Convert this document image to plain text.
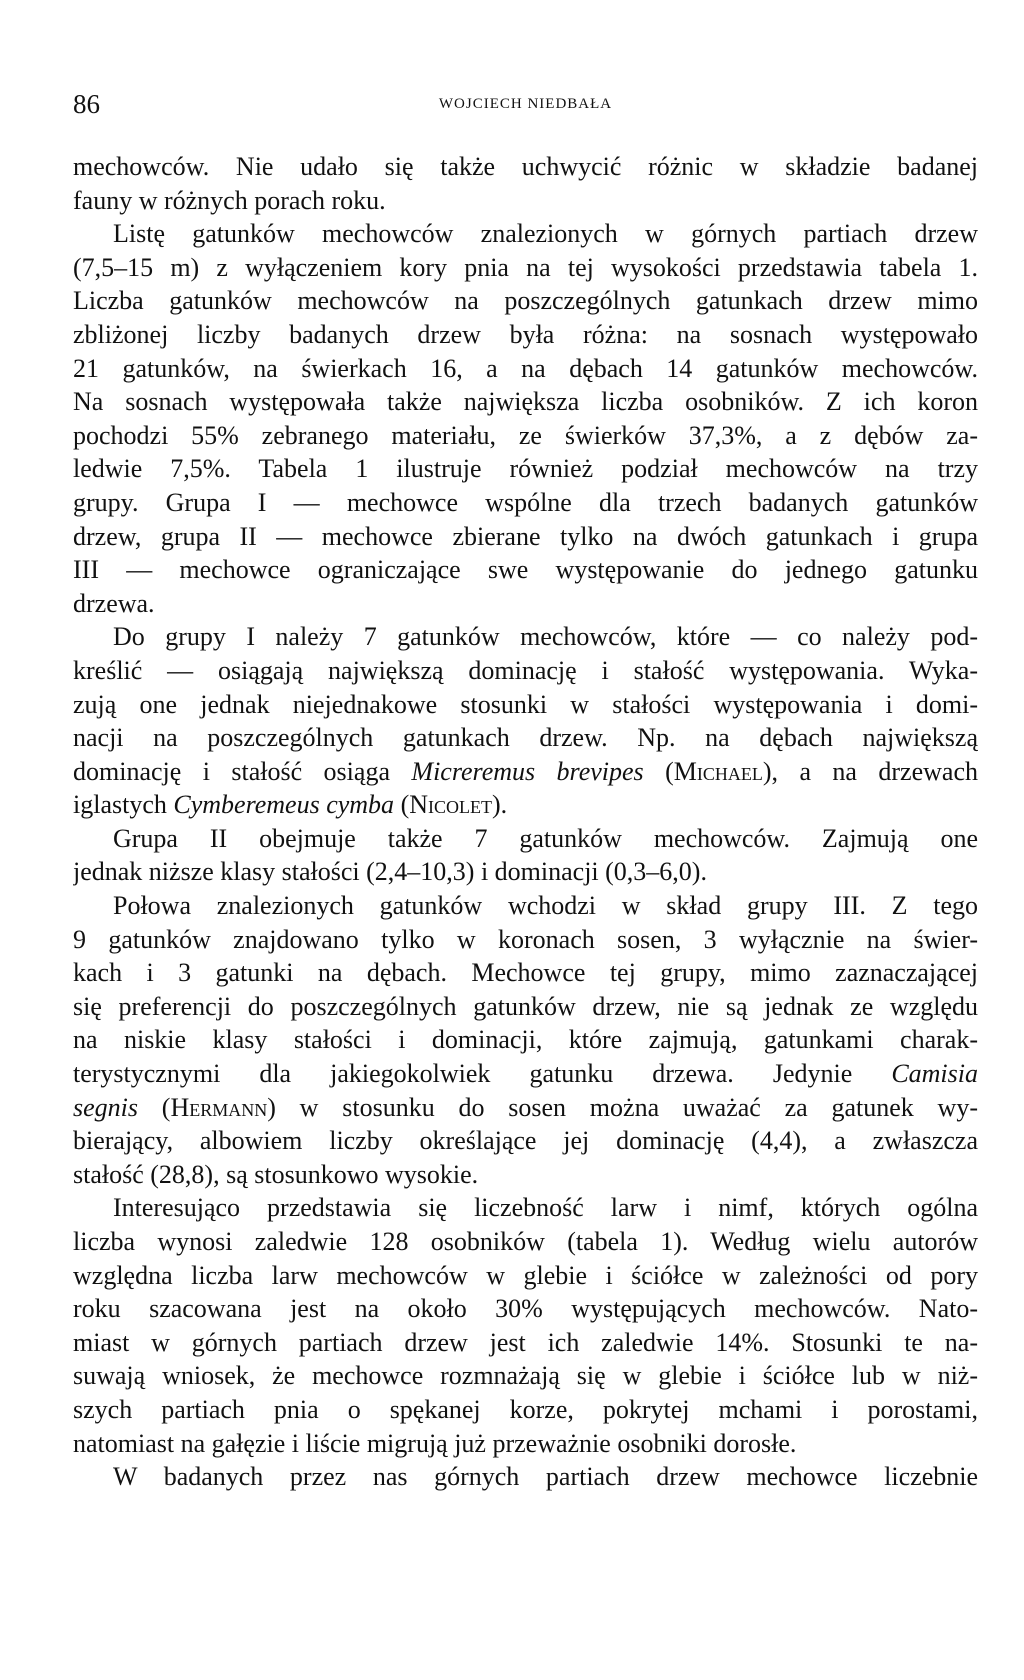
86	WOJCIECH NIEDBAŁA
mechowców. Nie udało się także uchwycić różnic w składzie badanej
fauny w różnych porach roku.
Listę gatunków mechowców znalezionych w górnych partiach drzew
(7,5–15 m) z wyłączeniem kory pnia na tej wysokości przedstawia tabela 1.
Liczba gatunków mechowców na poszczególnych gatunkach drzew mimo
zbliżonej liczby badanych drzew była różna: na sosnach występowało
21 gatunków, na świerkach 16, a na dębach 14 gatunków mechowców.
Na sosnach występowała także największa liczba osobników. Z ich koron
pochodzi 55% zebranego materiału, ze świerków 37,3%, a z dębów za-
ledwie 7,5%. Tabela 1 ilustruje również podział mechowców na trzy
grupy. Grupa I — mechowce wspólne dla trzech badanych gatunków
drzew, grupa II — mechowce zbierane tylko na dwóch gatunkach i grupa
III — mechowce ograniczające swe występowanie do jednego gatunku
drzewa.
Do grupy I należy 7 gatunków mechowców, które — co należy pod-
kreślić — osiągają największą dominację i stałość występowania. Wyka-
zują one jednak niejednakowe stosunki w stałości występowania i domi-
nacji na poszczególnych gatunkach drzew. Np. na dębach największą
dominację i stałość osiąga Micreremus brevipes (Michael), a na drzewach
iglastych Cymberemeus cymba (Nicolet).
Grupa II obejmuje także 7 gatunków mechowców. Zajmują one
jednak niższe klasy stałości (2,4–10,3) i dominacji (0,3–6,0).
Połowa znalezionych gatunków wchodzi w skład grupy III. Z tego
9 gatunków znajdowano tylko w koronach sosen, 3 wyłącznie na świer-
kach i 3 gatunki na dębach. Mechowce tej grupy, mimo zaznaczającej
się preferencji do poszczególnych gatunków drzew, nie są jednak ze względu
na niskie klasy stałości i dominacji, które zajmują, gatunkami charak-
terystycznymi dla jakiegokolwiek gatunku drzewa. Jedynie Camisia
segnis (Hermann) w stosunku do sosen można uważać za gatunek wy-
bierający, albowiem liczby określające jej dominację (4,4), a zwłaszcza
stałość (28,8), są stosunkowo wysokie.
Interesująco przedstawia się liczebność larw i nimf, których ogólna
liczba wynosi zaledwie 128 osobników (tabela 1). Według wielu autorów
względna liczba larw mechowców w glebie i ściółce w zależności od pory
roku szacowana jest na około 30% występujących mechowców. Nato-
miast w górnych partiach drzew jest ich zaledwie 14%. Stosunki te na-
suwają wniosek, że mechowce rozmnażają się w glebie i ściółce lub w niż-
szych partiach pnia o spękanej korze, pokrytej mchami i porostami,
natomiast na gałęzie i liście migrują już przeważnie osobniki dorosłe.
W badanych przez nas górnych partiach drzew mechowce liczebnie
